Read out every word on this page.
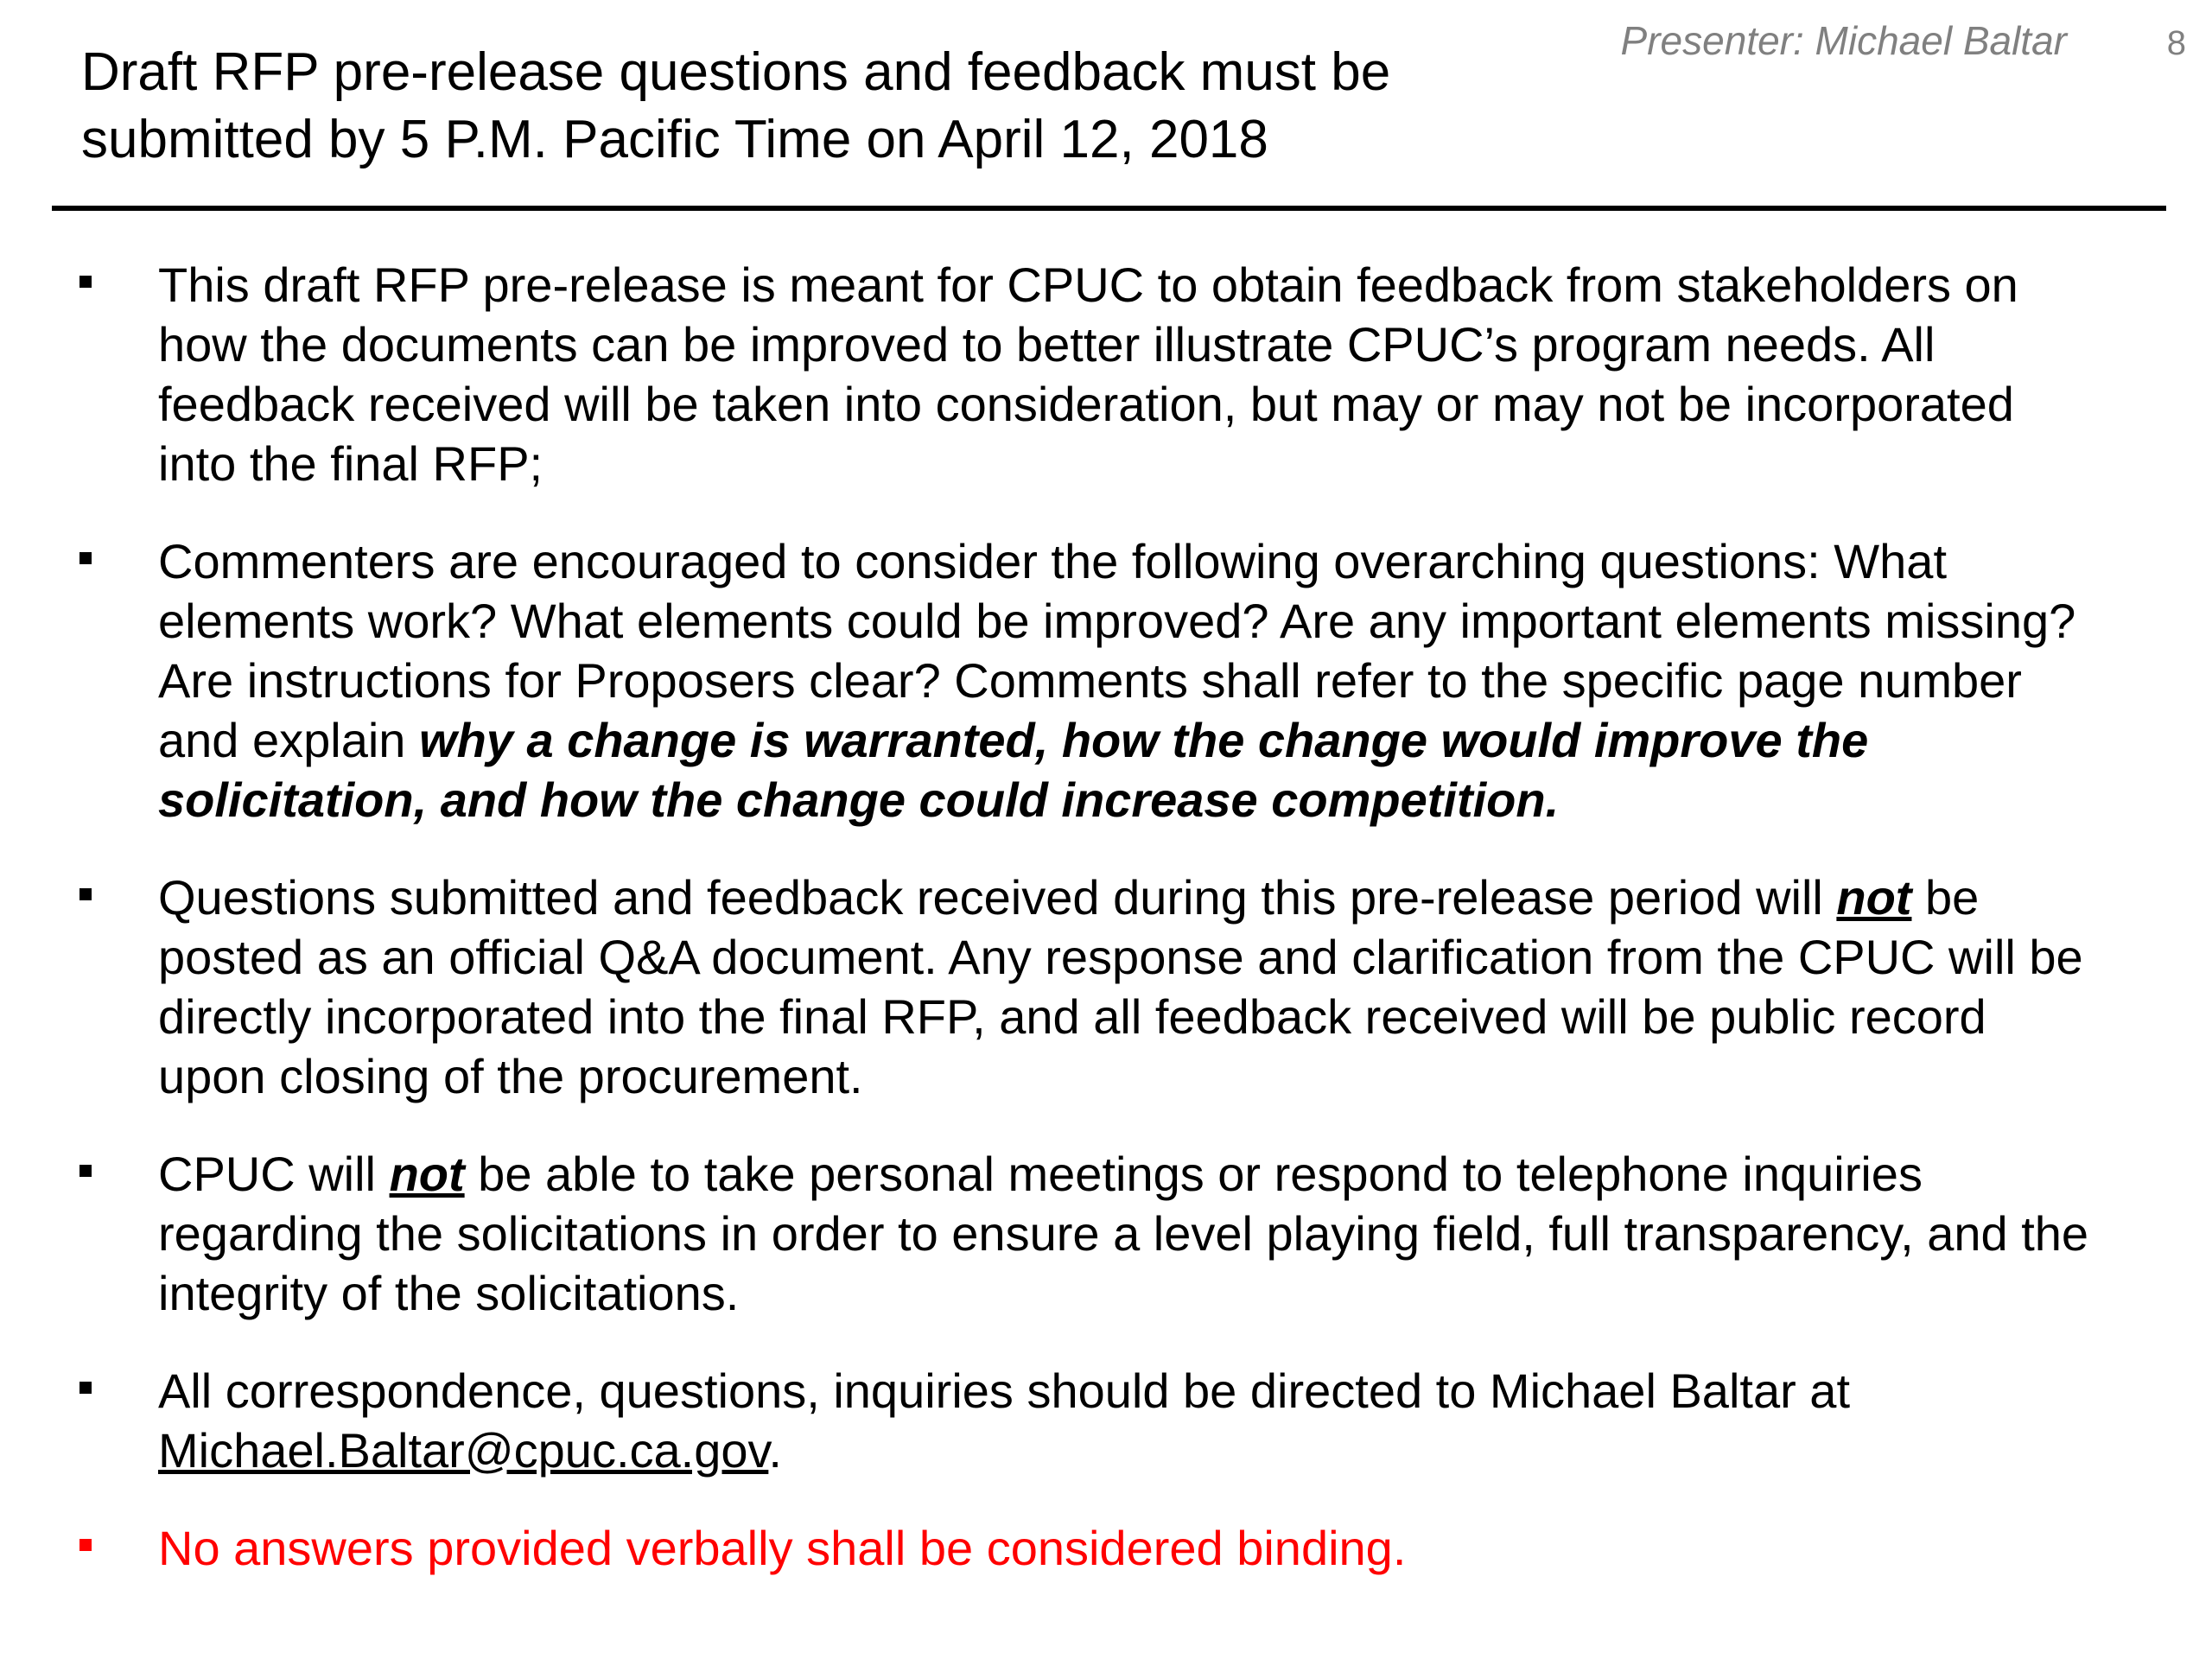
Presenter: Michael Baltar	8
Draft RFP pre-release questions and feedback must be
submitted by 5 P.M. Pacific Time on April 12, 2018
This draft RFP pre-release is meant for CPUC to obtain feedback from stakeholders on
how the documents can be improved to better illustrate CPUC’s program needs. All
feedback received will be taken into consideration, but may or may not be incorporated
into the final RFP;
Commenters are encouraged to consider the following overarching questions: What
elements work? What elements could be improved? Are any important elements missing?
Are instructions for Proposers clear? Comments shall refer to the specific page number
and explain why a change is warranted, how the change would improve the
solicitation, and how the change could increase competition.
Questions submitted and feedback received during this pre-release period will not be
posted as an official Q&A document. Any response and clarification from the CPUC will be
directly incorporated into the final RFP, and all feedback received will be public record
upon closing of the procurement.
CPUC will not be able to take personal meetings or respond to telephone inquiries
regarding the solicitations in order to ensure a level playing field, full transparency, and the
integrity of the solicitations.
All correspondence, questions, inquiries should be directed to Michael Baltar at
Michael.Baltar@cpuc.ca.gov.
No answers provided verbally shall be considered binding.
